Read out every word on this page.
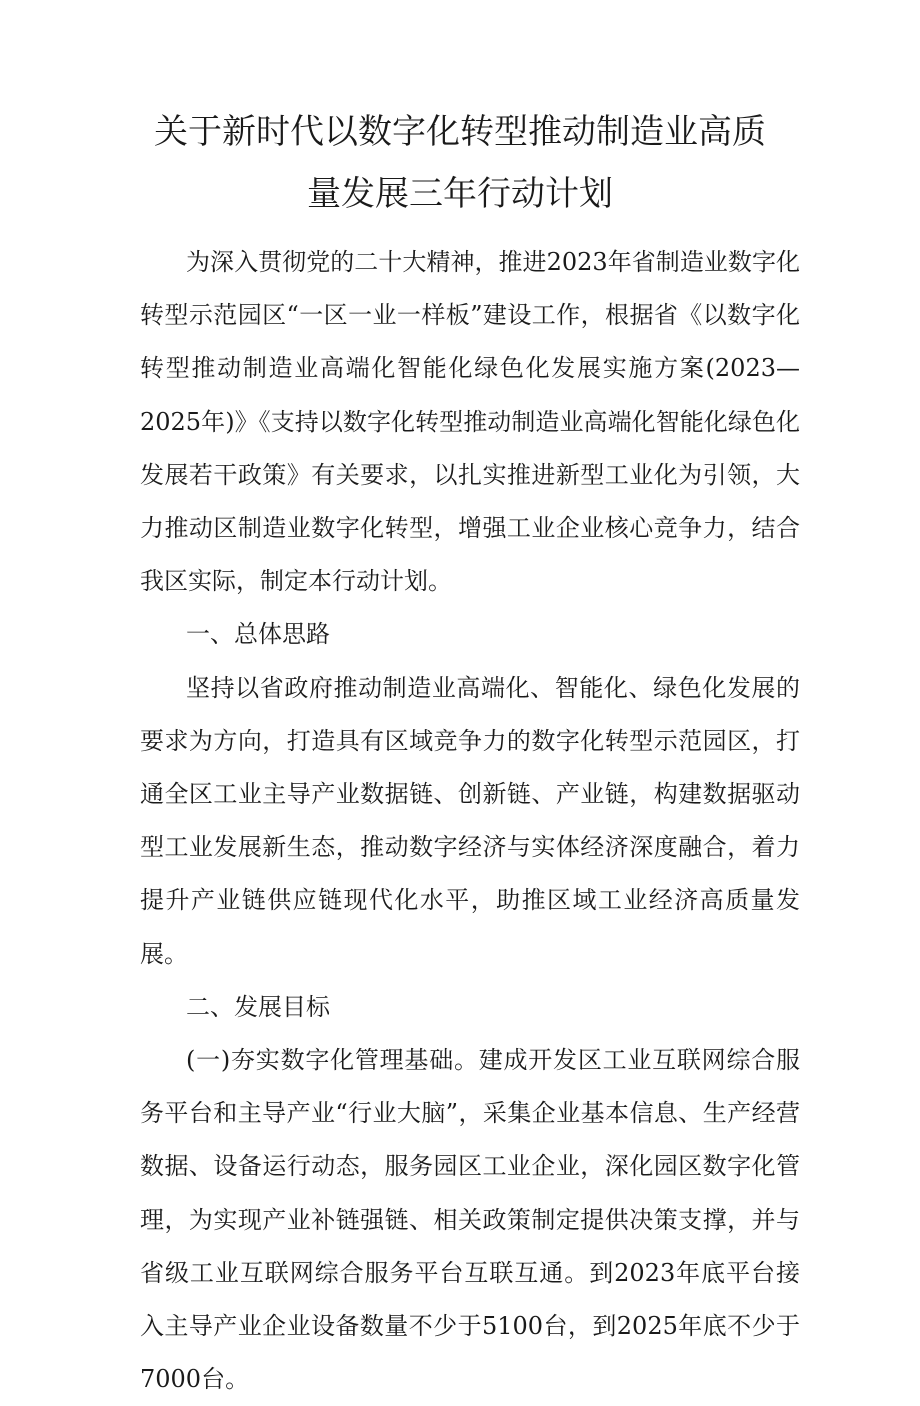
关于新时代以数字化转型推动制造业高质
量发展三年行动计划

为深入贯彻党的二十大精神，推进2023年省制造业数字化转型示范园区“一区一业一样板”建设工作，根据省《以数字化转型推动制造业高端化智能化绿色化发展实施方案(2023—2025年)》《支持以数字化转型推动制造业高端化智能化绿色化发展若干政策》有关要求，以扎实推进新型工业化为引领，大力推动区制造业数字化转型，增强工业企业核心竞争力，结合我区实际，制定本行动计划。

一、总体思路

坚持以省政府推动制造业高端化、智能化、绿色化发展的要求为方向，打造具有区域竞争力的数字化转型示范园区，打通全区工业主导产业数据链、创新链、产业链，构建数据驱动型工业发展新生态，推动数字经济与实体经济深度融合，着力提升产业链供应链现代化水平，助推区域工业经济高质量发展。

二、发展目标

(一)夯实数字化管理基础。建成开发区工业互联网综合服务平台和主导产业“行业大脑”，采集企业基本信息、生产经营数据、设备运行动态，服务园区工业企业，深化园区数字化管理，为实现产业补链强链、相关政策制定提供决策支撑，并与省级工业互联网综合服务平台互联互通。到2023年底平台接入主导产业企业设备数量不少于5100台，到2025年底不少于7000台。
